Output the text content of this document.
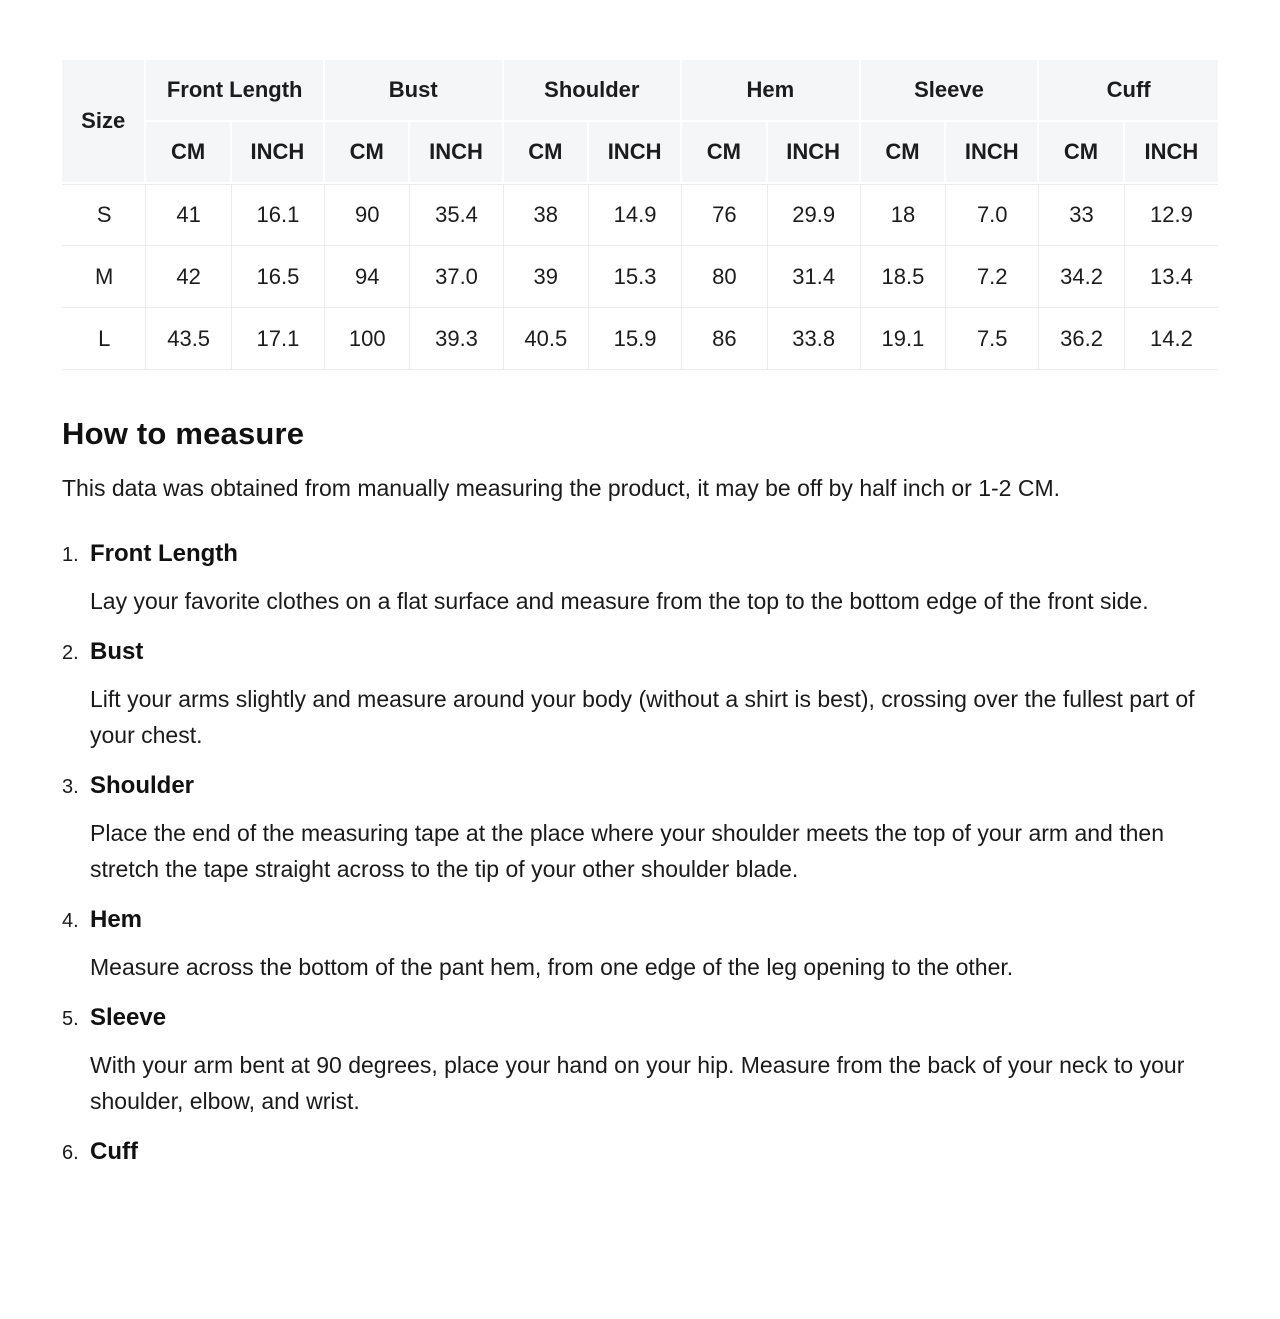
Size	Front Length		Bust		Shoulder		Hem		Sleeve		Cuff	
	CM	INCH	CM	INCH	CM	INCH	CM	INCH	CM	INCH	CM	INCH
S	41	16.1	90	35.4	38	14.9	76	29.9	18	7.0	33	12.9
M	42	16.5	94	37.0	39	15.3	80	31.4	18.5	7.2	34.2	13.4
L	43.5	17.1	100	39.3	40.5	15.9	86	33.8	19.1	7.5	36.2	14.2
How to measure

This data was obtained from manually measuring the product, it may be off by half inch or 1-2 CM.

1. Front Length

Lay your favorite clothes on a flat surface and measure from the top to the bottom edge of the front side.

2. Bust

Lift your arms slightly and measure around your body (without a shirt is best), crossing over the fullest part of your chest.

3. Shoulder

Place the end of the measuring tape at the place where your shoulder meets the top of your arm and then stretch the tape straight across to the tip of your other shoulder blade.

4. Hem

Measure across the bottom of the pant hem, from one edge of the leg opening to the other.

5. Sleeve

With your arm bent at 90 degrees, place your hand on your hip. Measure from the back of your neck to your shoulder, elbow, and wrist.

6. Cuff
